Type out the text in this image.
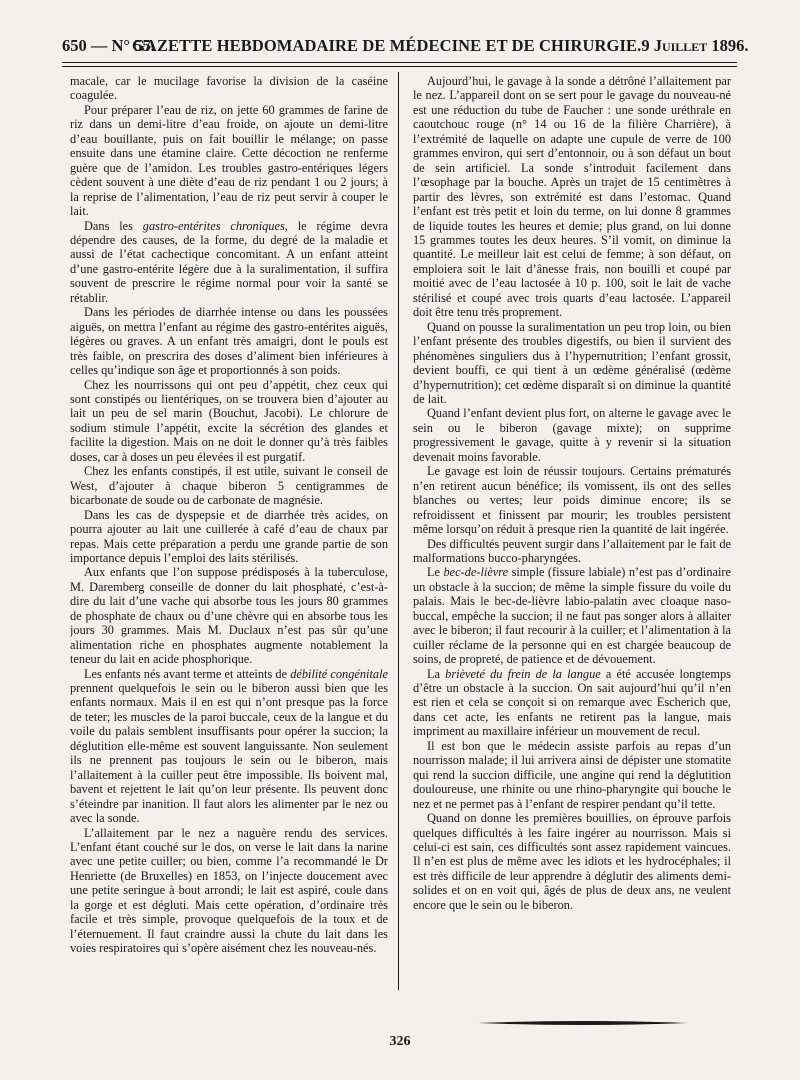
650 — N° 55.
GAZETTE HEBDOMADAIRE DE MÉDECINE ET DE CHIRURGIE. 9 Juillet 1896.

macale, car le mucilage favorise la division de la caséine coagulée.

Pour préparer l’eau de riz, on jette 60 grammes de farine de riz dans un demi-litre d’eau froide, on ajoute un demi-litre d’eau bouillante, puis on fait bouillir le mélange; on passe ensuite dans une étamine claire. Cette décoction ne renferme guère que de l’amidon. Les troubles gastro-entériques légers cèdent souvent à une diète d’eau de riz pendant 1 ou 2 jours; à la reprise de l’alimentation, l’eau de riz peut servir à couper le lait.

Dans les gastro-entérites chroniques, le régime devra dépendre des causes, de la forme, du degré de la maladie et aussi de l’état cachectique concomitant. A un enfant atteint d’une gastro-entérite légère due à la suralimentation, il suffira souvent de prescrire le régime normal pour voir la santé se rétablir.

Dans les périodes de diarrhée intense ou dans les poussées aiguës, on mettra l’enfant au régime des gastro-entérites aiguës, légères ou graves. A un enfant très amaigri, dont le pouls est très faible, on prescrira des doses d’aliment bien inférieures à celles qu’indique son âge et proportionnés à son poids.

Chez les nourrissons qui ont peu d’appétit, chez ceux qui sont constipés ou lientériques, on se trouvera bien d’ajouter au lait un peu de sel marin (Bouchut, Jacobi). Le chlorure de sodium stimule l’appétit, excite la sécrétion des glandes et facilite la digestion. Mais on ne doit le donner qu’à très faibles doses, car à doses un peu élevées il est purgatif.

Chez les enfants constipés, il est utile, suivant le conseil de West, d’ajouter à chaque biberon 5 centigrammes de bicarbonate de soude ou de carbonate de magnésie.

Dans les cas de dyspepsie et de diarrhée très acides, on pourra ajouter au lait une cuillerée à café d’eau de chaux par repas. Mais cette préparation a perdu une grande partie de son importance depuis l’emploi des laits stérilisés.

Aux enfants que l’on suppose prédisposés à la tuberculose, M. Daremberg conseille de donner du lait phosphaté, c’est-à-dire du lait d’une vache qui absorbe tous les jours 80 grammes de phosphate de chaux ou d’une chèvre qui en absorbe tous les jours 30 grammes. Mais M. Duclaux n’est pas sûr qu’une alimentation riche en phosphates augmente notablement la teneur du lait en acide phosphorique.

Les enfants nés avant terme et atteints de débilité congénitale prennent quelquefois le sein ou le biberon aussi bien que les enfants normaux. Mais il en est qui n’ont presque pas la force de teter; les muscles de la paroi buccale, ceux de la langue et du voile du palais semblent insuffisants pour opérer la succion; la déglutition elle-même est souvent languissante. Non seulement ils ne prennent pas toujours le sein ou le biberon, mais l’allaitement à la cuiller peut être impossible. Ils boivent mal, bavent et rejettent le lait qu’on leur présente. Ils peuvent donc s’éteindre par inanition. Il faut alors les alimenter par le nez ou avec la sonde.

L’allaitement par le nez a naguère rendu des services. L’enfant étant couché sur le dos, on verse le lait dans la narine avec une petite cuiller; ou bien, comme l’a recommandé le Dr Henriette (de Bruxelles) en 1853, on l’injecte doucement avec une petite seringue à bout arrondi; le lait est aspiré, coule dans la gorge et est dégluti. Mais cette opération, d’ordinaire très facile et très simple, provoque quelquefois de la toux et de l’éternuement. Il faut craindre aussi la chute du lait dans les voies respiratoires qui s’opère aisément chez les nouveau-nés.

Aujourd’hui, le gavage à la sonde a détrôné l’allaitement par le nez. L’appareil dont on se sert pour le gavage du nouveau-né est une réduction du tube de Faucher : une sonde uréthrale en caoutchouc rouge (n° 14 ou 16 de la filière Charrière), à l’extrémité de laquelle on adapte une cupule de verre de 100 grammes environ, qui sert d’entonnoir, ou à son défaut un bout de sein artificiel. La sonde s’introduit facilement dans l’œsophage par la bouche. Après un trajet de 15 centimètres à partir des lèvres, son extrémité est dans l’estomac. Quand l’enfant est très petit et loin du terme, on lui donne 8 grammes de liquide toutes les heures et demie; plus grand, on lui donne 15 grammes toutes les deux heures. S’il vomit, on diminue la quantité. Le meilleur lait est celui de femme; à son défaut, on emploiera soit le lait d’ânesse frais, non bouilli et coupé par moitié avec de l’eau lactosée à 10 p. 100, soit le lait de vache stérilisé et coupé avec trois quarts d’eau lactosée. L’appareil doit être tenu très proprement.

Quand on pousse la suralimentation un peu trop loin, ou bien l’enfant présente des troubles digestifs, ou bien il survient des phénomènes singuliers dus à l’hypernutrition; l’enfant grossit, devient bouffi, ce qui tient à un œdème généralisé (œdème d’hypernutrition); cet œdème disparaît si on diminue la quantité de lait.

Quand l’enfant devient plus fort, on alterne le gavage avec le sein ou le biberon (gavage mixte); on supprime progressivement le gavage, quitte à y revenir si la situation devenait moins favorable.

Le gavage est loin de réussir toujours. Certains prématurés n’en retirent aucun bénéfice; ils vomissent, ils ont des selles blanches ou vertes; leur poids diminue encore; ils se refroidissent et finissent par mourir; les troubles persistent même lorsqu’on réduit à presque rien la quantité de lait ingérée.

Des difficultés peuvent surgir dans l’allaitement par le fait de malformations bucco-pharyngées.

Le bec-de-lièvre simple (fissure labiale) n’est pas d’ordinaire un obstacle à la succion; de même la simple fissure du voile du palais. Mais le bec-de-lièvre labio-palatin avec cloaque naso-buccal, empêche la succion; il ne faut pas songer alors à allaiter avec le biberon; il faut recourir à la cuiller; et l’alimentation à la cuiller réclame de la personne qui en est chargée beaucoup de soins, de propreté, de patience et de dévouement.

La brièveté du frein de la langue a été accusée longtemps d’être un obstacle à la succion. On sait aujourd’hui qu’il n’en est rien et cela se conçoit si on remarque avec Escherich que, dans cet acte, les enfants ne retirent pas la langue, mais impriment au maxillaire inférieur un mouvement de recul.

Il est bon que le médecin assiste parfois au repas d’un nourrisson malade; il lui arrivera ainsi de dépister une stomatite qui rend la succion difficile, une angine qui rend la déglutition douloureuse, une rhinite ou une rhino-pharyngite qui bouche le nez et ne permet pas à l’enfant de respirer pendant qu’il tette.

Quand on donne les premières bouillies, on éprouve parfois quelques difficultés à les faire ingérer au nourrisson. Mais si celui-ci est sain, ces difficultés sont assez rapidement vaincues. Il n’en est plus de même avec les idiots et les hydrocéphales; il est très difficile de leur apprendre à déglutir des aliments demi-solides et on en voit qui, âgés de plus de deux ans, ne veulent encore que le sein ou le biberon.

326
